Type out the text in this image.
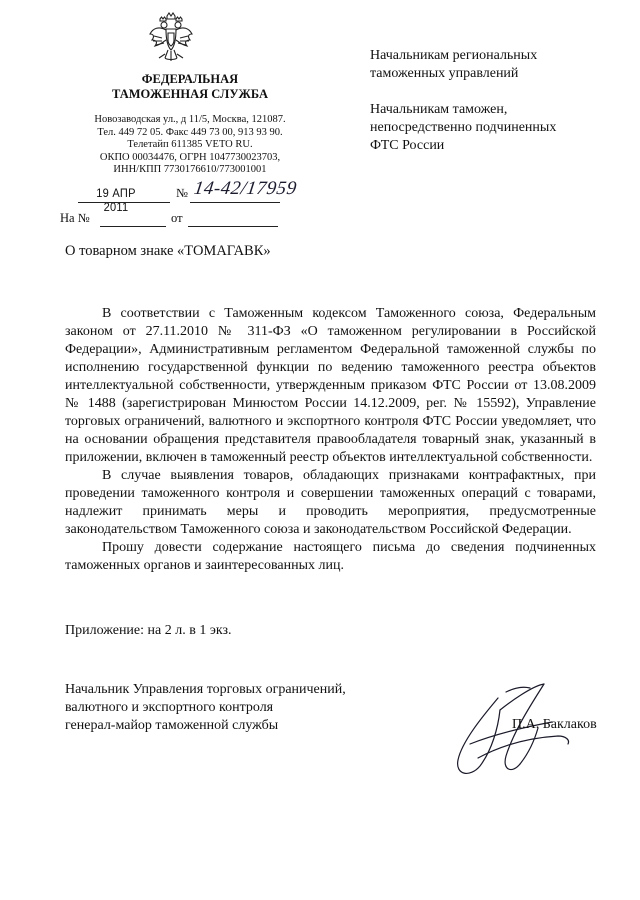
ФЕДЕРАЛЬНАЯ
ТАМОЖЕННАЯ СЛУЖБА
Новозаводская ул., д 11/5, Москва, 121087.
Тел. 449 72 05. Факс 449 73 00, 913 93 90.
Телетайп 611385 VETO RU.
ОКПО 00034476, ОГРН 1047730023703,
ИНН/КПП 7730176610/773001001
19 АПР 2011
№ 14-42/17959
На №	от
Начальникам региональных
таможенных управлений
Начальникам таможен,
непосредственно подчиненных
ФТС России
О товарном знаке «ТОМАГАВК»

В соответствии с Таможенным кодексом Таможенного союза, Федеральным законом от 27.11.2010 № 311-ФЗ «О таможенном регулировании в Российской Федерации», Административным регламентом Федеральной таможенной службы по исполнению государственной функции по ведению таможенного реестра объектов интеллектуальной собственности, утвержденным приказом ФТС России от 13.08.2009 № 1488 (зарегистрирован Минюстом России 14.12.2009, рег. № 15592), Управление торговых ограничений, валютного и экспортного контроля ФТС России уведомляет, что на основании обращения представителя правообладателя товарный знак, указанный в приложении, включен в таможенный реестр объектов интеллектуальной собственности.

В случае выявления товаров, обладающих признаками контрафактных, при проведении таможенного контроля и совершении таможенных операций с товарами, надлежит принимать меры и проводить мероприятия, предусмотренные законодательством Таможенного союза и законодательством Российской Федерации.

Прошу довести содержание настоящего письма до сведения подчиненных таможенных органов и заинтересованных лиц.

Приложение: на 2 л. в 1 экз.
Начальник Управления торговых ограничений,
валютного и экспортного контроля
генерал-майор таможенной службы	П.А. Баклаков
